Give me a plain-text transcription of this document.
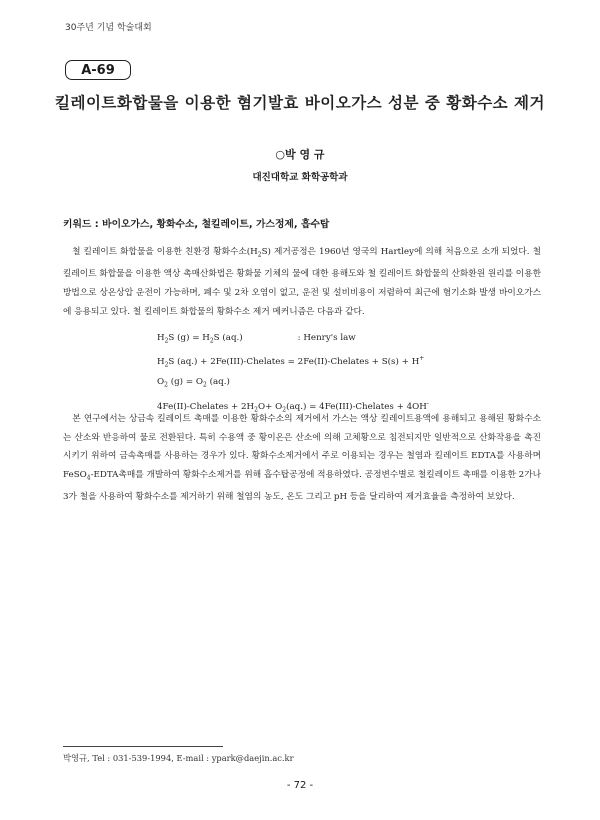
30주년 기념 학술대회
A-69
킬레이트화합물을 이용한 혐기발효 바이오가스 성분 중 황화수소 제거
○박 영 규
대진대학교 화학공학과
키워드 : 바이오가스, 황화수소, 철킬레이트, 가스정제, 흡수탑

철 킬레이트 화합물을 이용한 친환경 황화수소$(H_2S)$ 제거공정은 1960년 영국의 Hartley에 의해 처음으로 소개 되었다. 철 킬레이트 화합물을 이용한 액상 촉매산화법은 황화물 기체의 물에 대한 용해도와 철 킬레이트 화합물의 산화환원 원리를 이용한 방법으로 상온상압 운전이 가능하며, 폐수 및 2차 오염이 없고, 운전 및 설비비용이 저렴하여 최근에 혐기소화 발생 바이오가스에 응용되고 있다. 철 킬레이트 화합물의 황화수소 제거 메커니즘은 다음과 같다.

$H_2S$ $(g) = H_2S$ (aq.)	: Henry's law
$H_2S$ (aq.) + 2Fe(III)-Chelates = 2Fe(II)-Chelates + S(s) + H+
$O_2$ $(g) = O_2$ (aq.)
4Fe(II)-Chelates + $2H_2O+ O_2(aq.)$ = 4Fe(III)-Chelates + 4OH-

본 연구에서는 상금속 킬레이트 촉매를 이용한 황화수소의 제거에서 가스는 액상 킬레이트용액에 용해되고 용해된 황화수소는 산소와 반응하여 물로 전환된다. 특히 수용액 중 황이온은 산소에 의해 고체황으로 침전되지만 일반적으로 산화작용을 촉진시키기 위하여 금속촉매를 사용하는 경우가 있다. 황화수소제거에서 주로 이용되는 경우는 철염과 킬레이트 EDTA를 사용하며 FeSO$_4$-EDTA촉매를 개발하여 황화수소제거를 위해 흡수탑공정에 적용하였다. 공정변수별로 철킬레이트 촉매를 이용한 2가나 3가 철을 사용하여 황화수소를 제거하기 위해 철염의 농도, 온도 그리고 pH 등을 달리하여 제거효율을 측정하여 보았다.

박영규, Tel : 031-539-1994, E-mail : ypark@daejin.ac.kr
- 72 -
